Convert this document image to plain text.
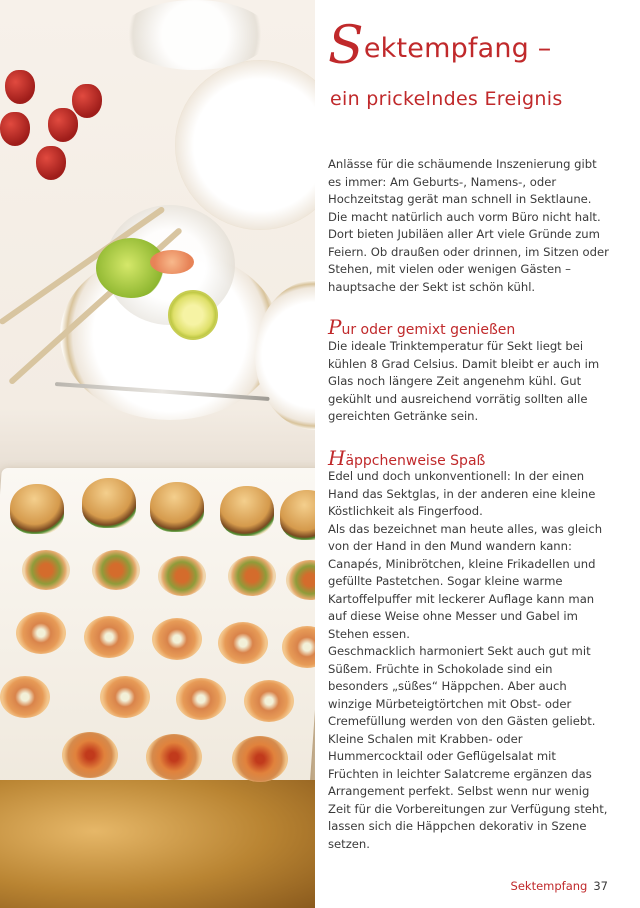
Sektempfang –
ein prickelndes Ereignis

Anlässe für die schäumende Inszenierung gibt es immer: Am Geburts-, Namens-, oder Hochzeitstag gerät man schnell in Sektlaune. Die macht natürlich auch vorm Büro nicht halt. Dort bieten Jubiläen aller Art viele Gründe zum Feiern. Ob draußen oder drinnen, im Sitzen oder Stehen, mit vielen oder wenigen Gästen – hauptsache der Sekt ist schön kühl.

Pur oder gemixt genießen

Die ideale Trinktemperatur für Sekt liegt bei kühlen 8 Grad Celsius. Damit bleibt er auch im Glas noch längere Zeit angenehm kühl. Gut gekühlt und ausreichend vorrätig sollten alle gereichten Getränke sein.

Häppchenweise Spaß

Edel und doch unkonventionell: In der einen Hand das Sektglas, in der anderen eine kleine Köstlichkeit als Fingerfood.

Als das bezeichnet man heute alles, was gleich von der Hand in den Mund wandern kann: Canapés, Minibrötchen, kleine Frikadellen und gefüllte Pastetchen. Sogar kleine warme Kartoffelpuffer mit leckerer Auflage kann man auf diese Weise ohne Messer und Gabel im Stehen essen.

Geschmacklich harmoniert Sekt auch gut mit Süßem. Früchte in Schokolade sind ein besonders „süßes“ Häppchen. Aber auch winzige Mürbeteigtörtchen mit Obst- oder Cremefüllung werden von den Gästen geliebt. Kleine Schalen mit Krabben- oder Hummercocktail oder Geflügelsalat mit Früchten in leichter Salatcreme ergänzen das Arrangement perfekt. Selbst wenn nur wenig Zeit für die Vorbereitungen zur Verfügung steht, lassen sich die Häppchen dekorativ in Szene setzen.

Sektempfang 37
